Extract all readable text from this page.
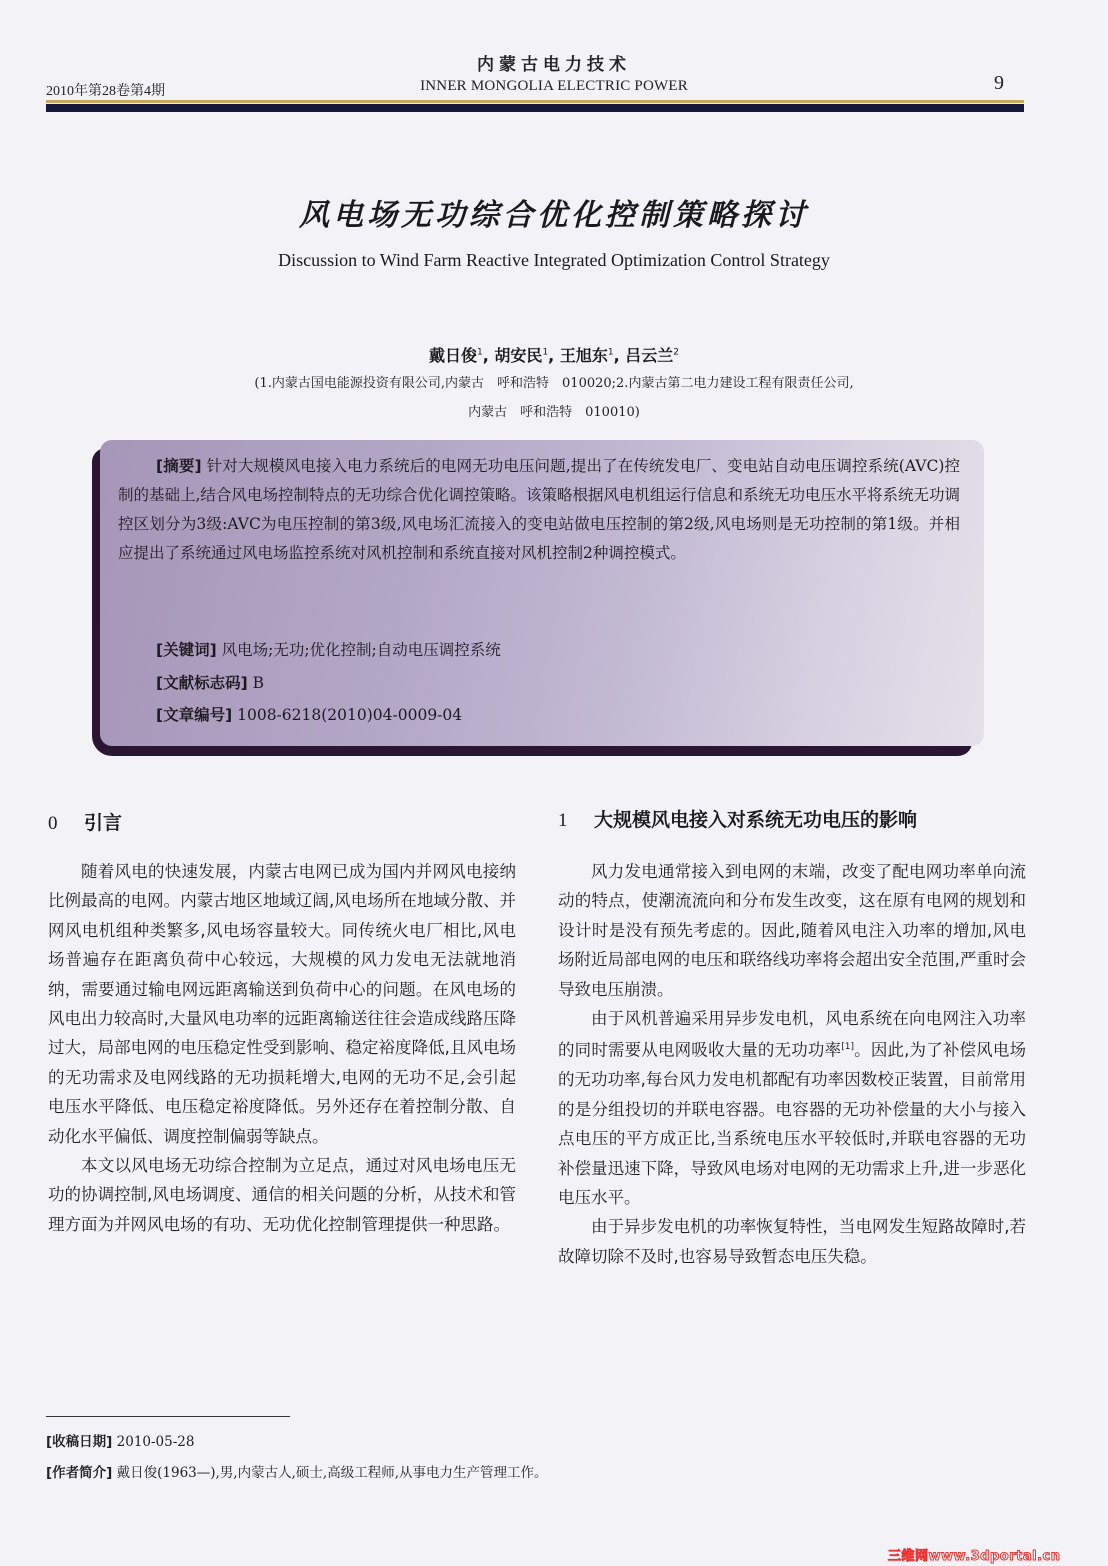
内蒙古电力技术
2010年第28卷第4期	INNER MONGOLIA ELECTRIC POWER	9
风电场无功综合优化控制策略探讨
Discussion to Wind Farm Reactive Integrated Optimization Control Strategy
戴日俊$^1$, 胡安民$^1$, 王旭东$^1$, 吕云兰$^2$
(1.内蒙古国电能源投资有限公司,内蒙古　呼和浩特　010020;2.内蒙古第二电力建设工程有限责任公司,
内蒙古　呼和浩特　010010)
[摘要] 针对大规模风电接入电力系统后的电网无功电压问题,提出了在传统发电厂、变电站自动电压调控系统(AVC)控制的基础上,结合风电场控制特点的无功综合优化调控策略。该策略根据风电机组运行信息和系统无功电压水平将系统无功调控区划分为3级:AVC为电压控制的第3级,风电场汇流接入的变电站做电压控制的第2级,风电场则是无功控制的第1级。并相应提出了系统通过风电场监控系统对风机控制和系统直接对风机控制2种调控模式。
[关键词] 风电场;无功;优化控制;自动电压调控系统
[文献标志码] B
[文章编号] 1008-6218(2010)04-0009-04
0 引言

随着风电的快速发展，内蒙古电网已成为国内并网风电接纳比例最高的电网。内蒙古地区地域辽阔,风电场所在地域分散、并网风电机组种类繁多,风电场容量较大。同传统火电厂相比,风电场普遍存在距离负荷中心较远，大规模的风力发电无法就地消纳，需要通过输电网远距离输送到负荷中心的问题。在风电场的风电出力较高时,大量风电功率的远距离输送往往会造成线路压降过大，局部电网的电压稳定性受到影响、稳定裕度降低,且风电场的无功需求及电网线路的无功损耗增大,电网的无功不足,会引起电压水平降低、电压稳定裕度降低。另外还存在着控制分散、自动化水平偏低、调度控制偏弱等缺点。

本文以风电场无功综合控制为立足点，通过对风电场电压无功的协调控制,风电场调度、通信的相关问题的分析，从技术和管理方面为并网风电场的有功、无功优化控制管理提供一种思路。

1 大规模风电接入对系统无功电压的影响

风力发电通常接入到电网的末端，改变了配电网功率单向流动的特点，使潮流流向和分布发生改变，这在原有电网的规划和设计时是没有预先考虑的。因此,随着风电注入功率的增加,风电场附近局部电网的电压和联络线功率将会超出安全范围,严重时会导致电压崩溃。

由于风机普遍采用异步发电机，风电系统在向电网注入功率的同时需要从电网吸收大量的无功功率[1]。因此,为了补偿风电场的无功功率,每台风力发电机都配有功率因数校正装置，目前常用的是分组投切的并联电容器。电容器的无功补偿量的大小与接入点电压的平方成正比,当系统电压水平较低时,并联电容器的无功补偿量迅速下降，导致风电场对电网的无功需求上升,进一步恶化电压水平。

由于异步发电机的功率恢复特性，当电网发生短路故障时,若故障切除不及时,也容易导致暂态电压失稳。

[收稿日期] 2010-05-28
[作者简介] 戴日俊(1963—),男,内蒙古人,硕士,高级工程师,从事电力生产管理工作。
三维网www.3dportal.cn
